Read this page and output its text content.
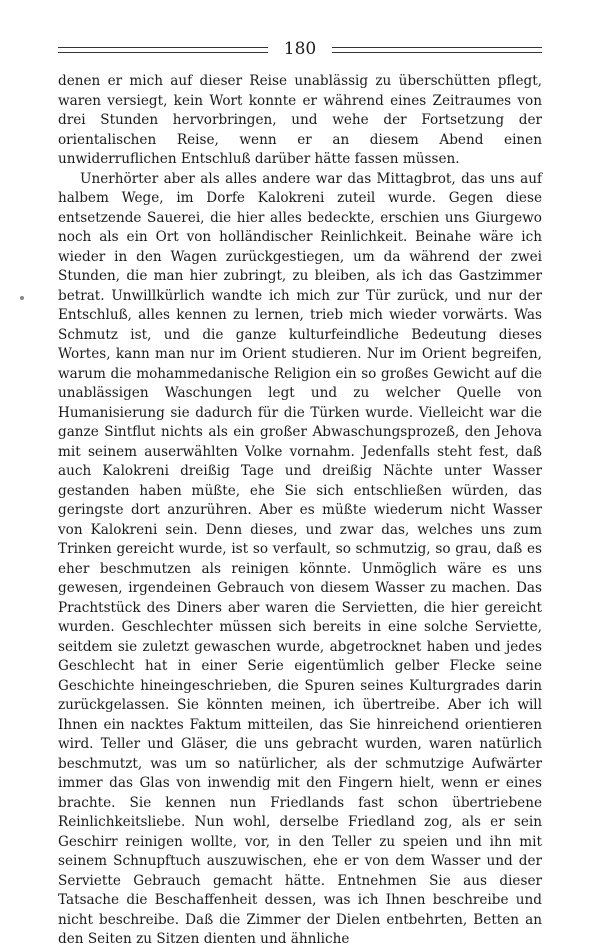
180

denen er mich auf dieser Reise unablässig zu überschütten pflegt, waren versiegt, kein Wort konnte er während eines Zeitraumes von drei Stunden hervorbringen, und wehe der Fortsetzung der orientalischen Reise, wenn er an diesem Abend einen unwiderruflichen Entschluß darüber hätte fassen müssen.

Unerhörter aber als alles andere war das Mittagbrot, das uns auf halbem Wege, im Dorfe Kalokreni zuteil wurde. Gegen diese entsetzende Sauerei, die hier alles bedeckte, erschien uns Giurgewo noch als ein Ort von holländischer Reinlichkeit. Beinahe wäre ich wieder in den Wagen zurückgestiegen, um da während der zwei Stunden, die man hier zubringt, zu bleiben, als ich das Gastzimmer betrat. Unwillkürlich wandte ich mich zur Tür zurück, und nur der Entschluß, alles kennen zu lernen, trieb mich wieder vorwärts. Was Schmutz ist, und die ganze kulturfeindliche Bedeutung dieses Wortes, kann man nur im Orient studieren. Nur im Orient begreifen, warum die mohammedanische Religion ein so großes Gewicht auf die unablässigen Waschungen legt und zu welcher Quelle von Humanisierung sie dadurch für die Türken wurde. Vielleicht war die ganze Sintflut nichts als ein großer Abwaschungsprozeß, den Jehova mit seinem auserwählten Volke vornahm. Jedenfalls steht fest, daß auch Kalokreni dreißig Tage und dreißig Nächte unter Wasser gestanden haben müßte, ehe Sie sich entschließen würden, das geringste dort anzurühren. Aber es müßte wiederum nicht Wasser von Kalokreni sein. Denn dieses, und zwar das, welches uns zum Trinken gereicht wurde, ist so verfault, so schmutzig, so grau, daß es eher beschmutzen als reinigen könnte. Unmöglich wäre es uns gewesen, irgendeinen Gebrauch von diesem Wasser zu machen. Das Prachtstück des Diners aber waren die Servietten, die hier gereicht wurden. Geschlechter müssen sich bereits in eine solche Serviette, seitdem sie zuletzt gewaschen wurde, abgetrocknet haben und jedes Geschlecht hat in einer Serie eigentümlich gelber Flecke seine Geschichte hineingeschrieben, die Spuren seines Kulturgrades darin zurückgelassen. Sie könnten meinen, ich übertreibe. Aber ich will Ihnen ein nacktes Faktum mitteilen, das Sie hinreichend orientieren wird. Teller und Gläser, die uns gebracht wurden, waren natürlich beschmutzt, was um so natürlicher, als der schmutzige Aufwärter immer das Glas von inwendig mit den Fingern hielt, wenn er eines brachte. Sie kennen nun Friedlands fast schon übertriebene Reinlichkeitsliebe. Nun wohl, derselbe Friedland zog, als er sein Geschirr reinigen wollte, vor, in den Teller zu speien und ihn mit seinem Schnupftuch auszuwischen, ehe er von dem Wasser und der Serviette Gebrauch gemacht hätte. Entnehmen Sie aus dieser Tatsache die Beschaffenheit dessen, was ich Ihnen beschreibe und nicht beschreibe. Daß die Zimmer der Dielen entbehrten, Betten an den Seiten zu Sitzen dienten und ähnliche
